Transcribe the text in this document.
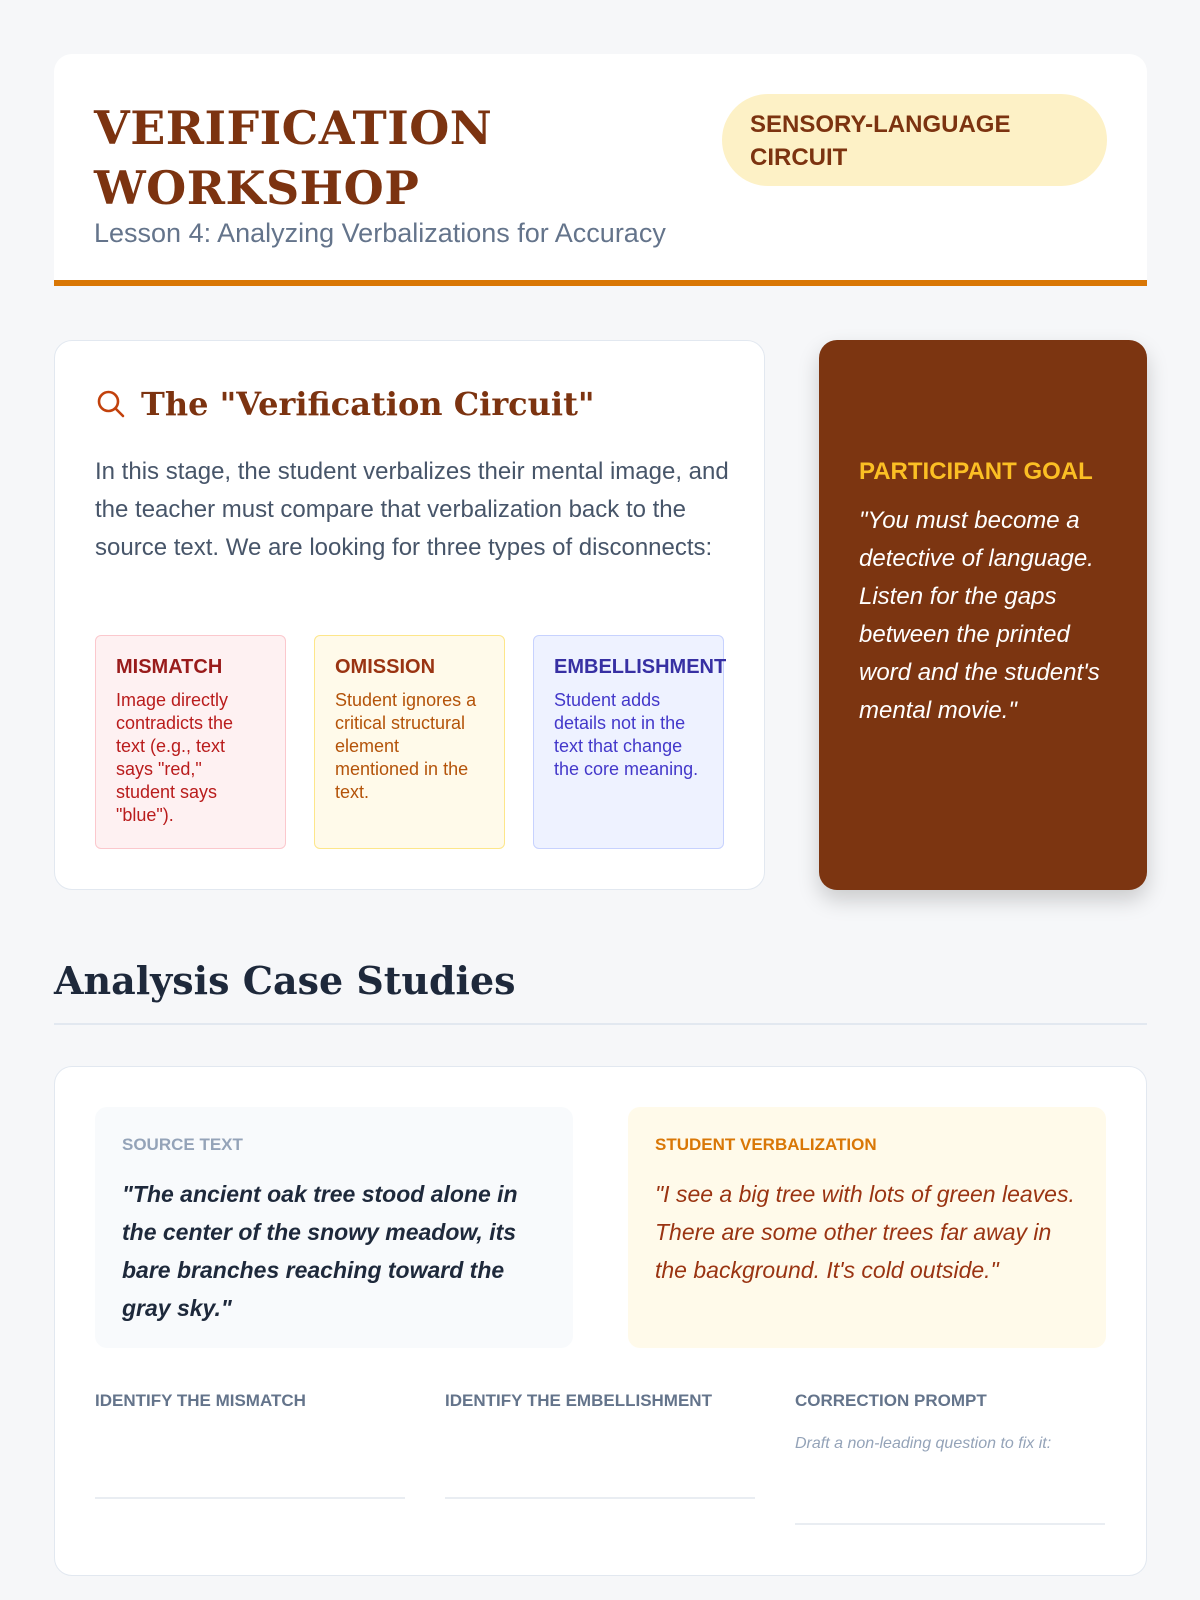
VERIFICATION WORKSHOP
Lesson 4: Analyzing Verbalizations for Accuracy
SENSORY-LANGUAGE CIRCUIT
The "Verification Circuit"
In this stage, the student verbalizes their mental image, and the teacher must compare that verbalization back to the source text. We are looking for three types of disconnects:
MISMATCH
Image directly contradicts the text (e.g., text says "red," student says "blue").
OMISSION
Student ignores a critical structural element mentioned in the text.
EMBELLISHMENT
Student adds details not in the text that change the core meaning.
PARTICIPANT GOAL
"You must become a detective of language. Listen for the gaps between the printed word and the student's mental movie."
Analysis Case Studies
SOURCE TEXT
"The ancient oak tree stood alone in the center of the snowy meadow, its bare branches reaching toward the gray sky."
STUDENT VERBALIZATION
"I see a big tree with lots of green leaves. There are some other trees far away in the background. It's cold outside."
IDENTIFY THE MISMATCH	IDENTIFY THE EMBELLISHMENT	CORRECTION PROMPT
Draft a non-leading question to fix it:
